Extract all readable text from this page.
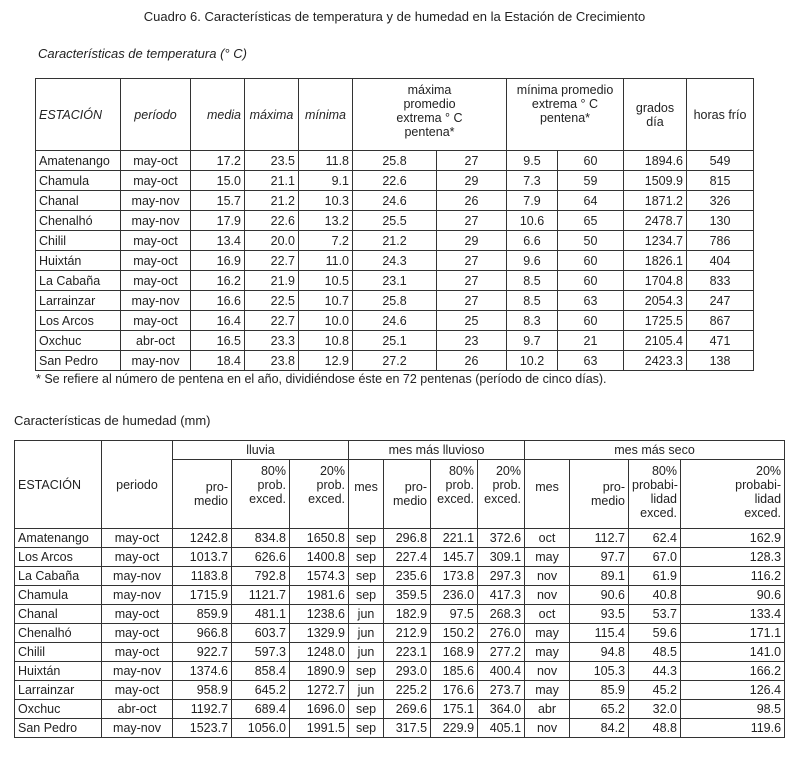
Cuadro 6. Características de temperatura y de humedad en la Estación de Crecimiento
Características de temperatura (° C)
ESTACIÓN	período	media	máxima	mínima	máxima promedio extrema ° C pentena*		mínima promedio extrema ° C pentena*		grados día	horas frío
Amatenango	may-oct	17.2	23.5	11.8	25.8	27	9.5	60	1894.6	549
Chamula	may-oct	15.0	21.1	9.1	22.6	29	7.3	59	1509.9	815
Chanal	may-nov	15.7	21.2	10.3	24.6	26	7.9	64	1871.2	326
Chenalhó	may-nov	17.9	22.6	13.2	25.5	27	10.6	65	2478.7	130
Chilil	may-oct	13.4	20.0	7.2	21.2	29	6.6	50	1234.7	786
Huixtán	may-oct	16.9	22.7	11.0	24.3	27	9.6	60	1826.1	404
La Cabaña	may-oct	16.2	21.9	10.5	23.1	27	8.5	60	1704.8	833
Larrainzar	may-nov	16.6	22.5	10.7	25.8	27	8.5	63	2054.3	247
Los Arcos	may-oct	16.4	22.7	10.0	24.6	25	8.3	60	1725.5	867
Oxchuc	abr-oct	16.5	23.3	10.8	25.1	23	9.7	21	2105.4	471
San Pedro	may-nov	18.4	23.8	12.9	27.2	26	10.2	63	2423.3	138
* Se refiere al número de pentena en el año, dividiéndose éste en 72 pentenas (período de cinco días).
Características de humedad (mm)
ESTACIÓN	periodo	lluvia			mes más lluvioso				mes más seco			
		pro-medio	80% prob. exced.	20% prob. exced.	mes	pro-medio	80% prob. exced.	20% prob. exced.	mes	pro-medio	80% probabi-lidad exced.	20% probabi-lidad exced.
Amatenango	may-oct	1242.8	834.8	1650.8	sep	296.8	221.1	372.6	oct	112.7	62.4	162.9
Los Arcos	may-oct	1013.7	626.6	1400.8	sep	227.4	145.7	309.1	may	97.7	67.0	128.3
La Cabaña	may-nov	1183.8	792.8	1574.3	sep	235.6	173.8	297.3	nov	89.1	61.9	116.2
Chamula	may-nov	1715.9	1121.7	1981.6	sep	359.5	236.0	417.3	nov	90.6	40.8	90.6
Chanal	may-oct	859.9	481.1	1238.6	jun	182.9	97.5	268.3	oct	93.5	53.7	133.4
Chenalhó	may-oct	966.8	603.7	1329.9	jun	212.9	150.2	276.0	may	115.4	59.6	171.1
Chilil	may-oct	922.7	597.3	1248.0	jun	223.1	168.9	277.2	may	94.8	48.5	141.0
Huixtán	may-nov	1374.6	858.4	1890.9	sep	293.0	185.6	400.4	nov	105.3	44.3	166.2
Larrainzar	may-oct	958.9	645.2	1272.7	jun	225.2	176.6	273.7	may	85.9	45.2	126.4
Oxchuc	abr-oct	1192.7	689.4	1696.0	sep	269.6	175.1	364.0	abr	65.2	32.0	98.5
San Pedro	may-nov	1523.7	1056.0	1991.5	sep	317.5	229.9	405.1	nov	84.2	48.8	119.6
